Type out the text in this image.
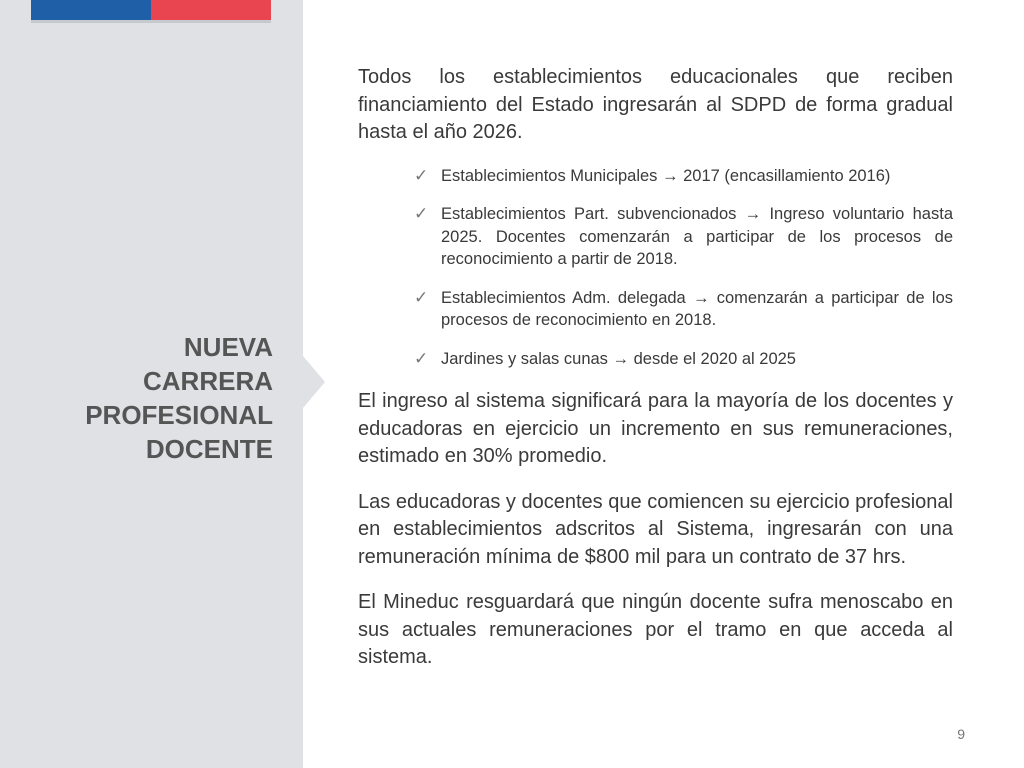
NUEVA
CARRERA
PROFESIONAL
DOCENTE

Todos los establecimientos educacionales que reciben financiamiento del Estado ingresarán al SDPD de forma gradual hasta el año 2026.

✓ Establecimientos Municipales → 2017 (encasillamiento 2016)
✓ Establecimientos Part. subvencionados → Ingreso voluntario hasta 2025. Docentes comenzarán a participar de los procesos de reconocimiento a partir de 2018.
✓ Establecimientos Adm. delegada → comenzarán a participar de los procesos de reconocimiento en 2018.
✓ Jardines y salas cunas → desde el 2020 al 2025

El ingreso al sistema significará para la mayoría de los docentes y educadoras en ejercicio un incremento en sus remuneraciones, estimado en 30% promedio.

Las educadoras y docentes que comiencen su ejercicio profesional en establecimientos adscritos al Sistema, ingresarán con una remuneración mínima de $800 mil para un contrato de 37 hrs.

El Mineduc resguardará que ningún docente sufra menoscabo en sus actuales remuneraciones por el tramo en que acceda al sistema.

9
